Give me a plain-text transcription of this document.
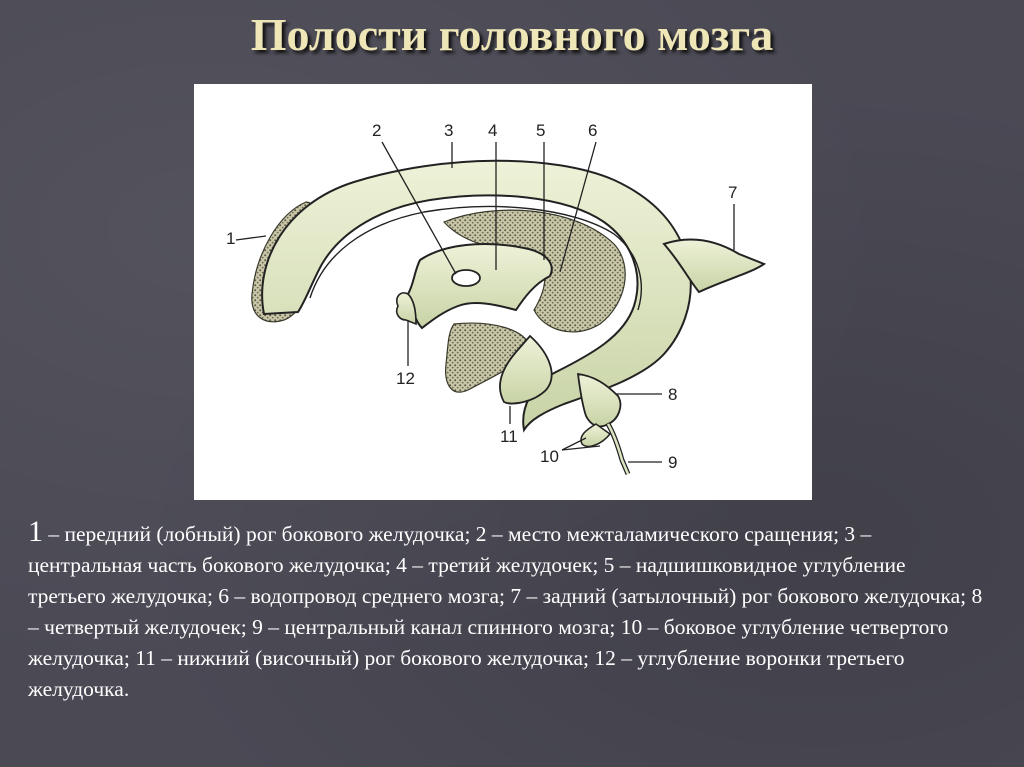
Полости головного мозга
1
2	3 4 5	6
7
8
9
10
11
12

1 – передний (лобный) рог бокового желудочка; 2 – место межталамического сращения; 3 – центральная часть бокового желудочка; 4 – третий желудочек; 5 – надшишковидное углубление третьего желудочка; 6 – водопровод среднего мозга; 7 – задний (затылочный) рог бокового желудочка; 8 – четвертый желудочек; 9 – центральный канал спинного мозга; 10 – боковое углубление четвертого желудочка; 11 – нижний (височный) рог бокового желудочка; 12 – углубление воронки третьего желудочка.
